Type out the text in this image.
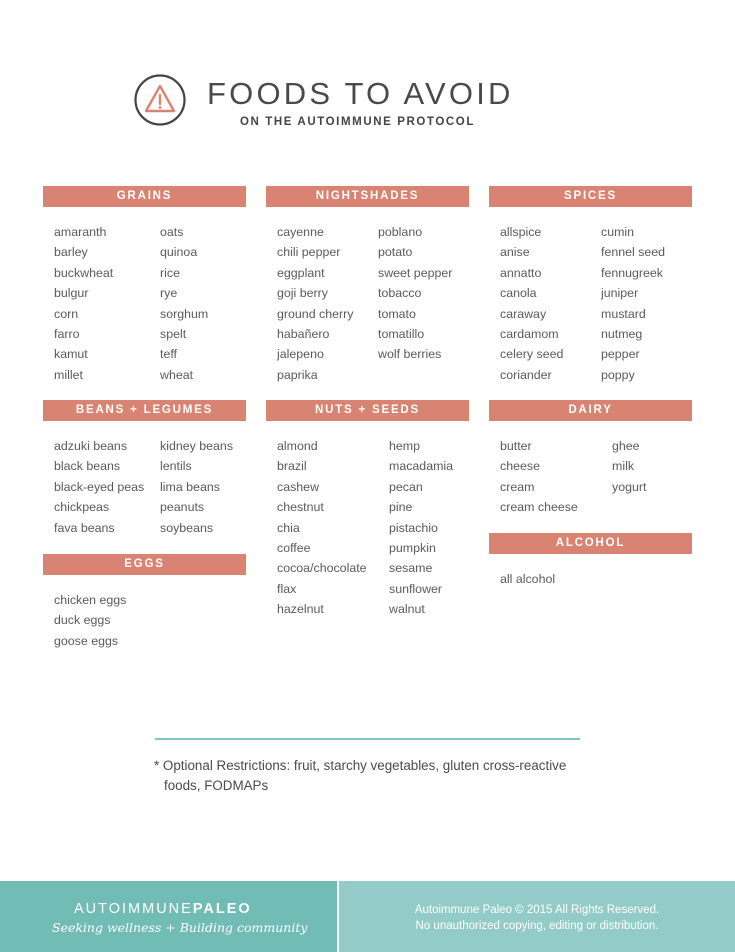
FOODS TO AVOID
ON THE AUTOIMMUNE PROTOCOL
GRAINS
amaranth
barley
buckwheat
bulgur
corn
farro
kamut
millet
oats
quinoa
rice
rye
sorghum
spelt
teff
wheat
NIGHTSHADES
cayenne
chili pepper
eggplant
goji berry
ground cherry
habañero
jalepeno
paprika
poblano
potato
sweet pepper
tobacco
tomato
tomatillo
wolf berries
SPICES
allspice
anise
annatto
canola
caraway
cardamom
celery seed
coriander
cumin
fennel seed
fennugreek
juniper
mustard
nutmeg
pepper
poppy
BEANS + LEGUMES
adzuki beans
black beans
black-eyed peas
chickpeas
fava beans
kidney beans
lentils
lima beans
peanuts
soybeans
NUTS + SEEDS
almond
brazil
cashew
chestnut
chia
coffee
cocoa/chocolate
flax
hazelnut
hemp
macadamia
pecan
pine
pistachio
pumpkin
sesame
sunflower
walnut
DAIRY
butter
cheese
cream
cream cheese
ghee
milk
yogurt
EGGS
chicken eggs
duck eggs
goose eggs
ALCOHOL
all alcohol
* Optional Restrictions: fruit, starchy vegetables, gluten cross-reactive
foods, FODMAPs
AUTOIMMUNEPALEO
Seeking wellness + Building community
Autoimmune Paleo © 2015 All Rights Reserved.
No unauthorized copying, editing or distribution.
